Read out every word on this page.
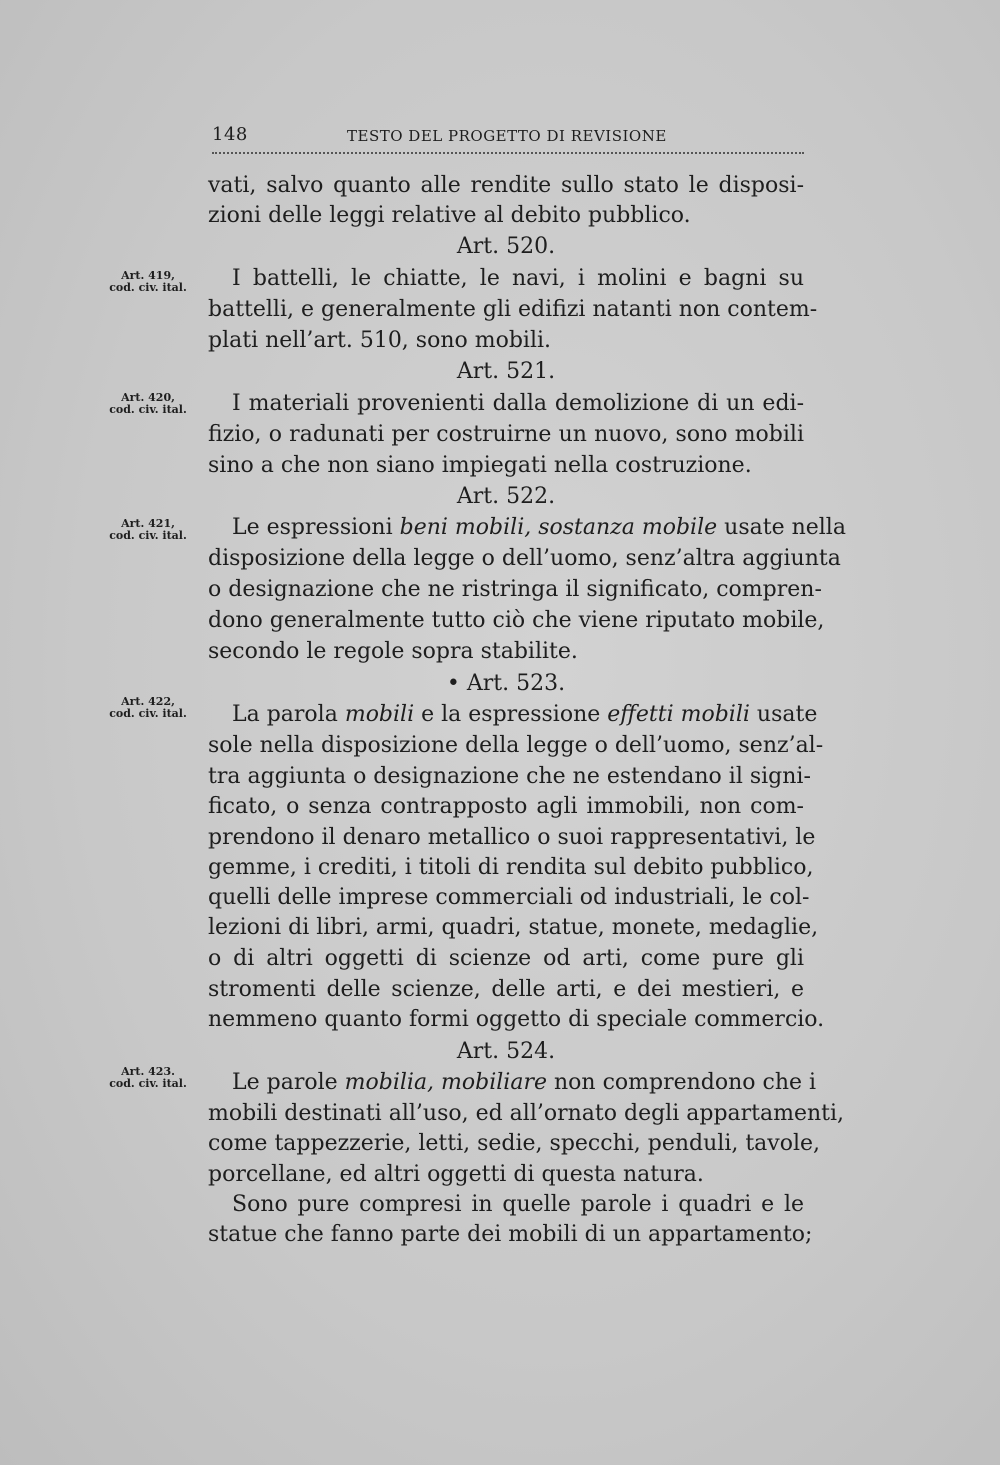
148	TESTO DEL PROGETTO DI REVISIONE
Art. 419,
cod. civ. ital.
Art. 420,
cod. civ. ital.
Art. 421,
cod. civ. ital.
Art. 422,
cod. civ. ital.
Art. 423.
cod. civ. ital.
vati, salvo quanto alle rendite sullo stato le disposi-
zioni delle leggi relative al debito pubblico.
Art. 520.
I battelli, le chiatte, le navi, i molini e bagni su
battelli, e generalmente gli edifizi natanti non contem-
plati nell’art. 510, sono mobili.
Art. 521.
I materiali provenienti dalla demolizione di un edi-
fizio, o radunati per costruirne un nuovo, sono mobili
sino a che non siano impiegati nella costruzione.
Art. 522.
Le espressioni beni mobili, sostanza mobile usate nella
disposizione della legge o dell’uomo, senz’altra aggiunta
o designazione che ne ristringa il significato, compren-
dono generalmente tutto ciò che viene riputato mobile,
secondo le regole sopra stabilite.
• Art. 523.
La parola mobili e la espressione effetti mobili usate
sole nella disposizione della legge o dell’uomo, senz’al-
tra aggiunta o designazione che ne estendano il signi-
ficato, o senza contrapposto agli immobili, non com-
prendono il denaro metallico o suoi rappresentativi, le
gemme, i crediti, i titoli di rendita sul debito pubblico,
quelli delle imprese commerciali od industriali, le col-
lezioni di libri, armi, quadri, statue, monete, medaglie,
o di altri oggetti di scienze od arti, come pure gli
stromenti delle scienze, delle arti, e dei mestieri, e
nemmeno quanto formi oggetto di speciale commercio.
Art. 524.
Le parole mobilia, mobiliare non comprendono che i
mobili destinati all’uso, ed all’ornato degli appartamenti,
come tappezzerie, letti, sedie, specchi, penduli, tavole,
porcellane, ed altri oggetti di questa natura.
Sono pure compresi in quelle parole i quadri e le
statue che fanno parte dei mobili di un appartamento;
